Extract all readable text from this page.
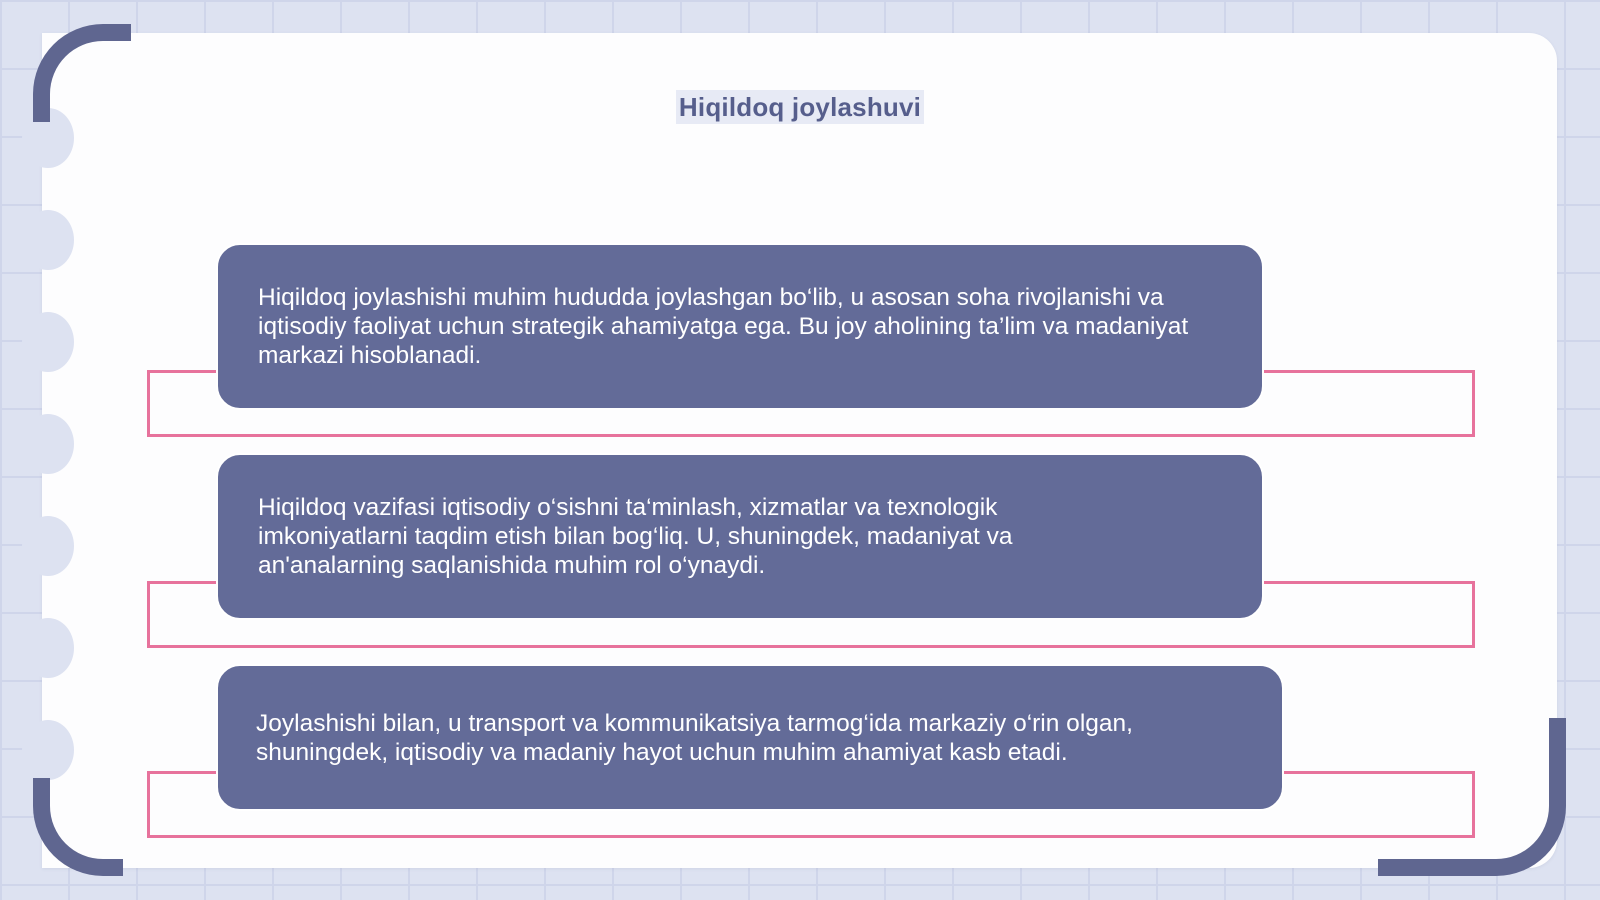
Hiqildoq joylashuvi

Hiqildoq joylashishi muhim hududda joylashgan bo‘lib, u asosan soha rivojlanishi va iqtisodiy faoliyat uchun strategik ahamiyatga ega. Bu joy aholining ta’lim va madaniyat markazi hisoblanadi.

Hiqildoq vazifasi iqtisodiy o‘sishni ta‘minlash, xizmatlar va texnologik imkoniyatlarni taqdim etish bilan bog‘liq. U, shuningdek, madaniyat va an'analarning saqlanishida muhim rol o‘ynaydi.

Joylashishi bilan, u transport va kommunikatsiya tarmog‘ida markaziy o‘rin olgan, shuningdek, iqtisodiy va madaniy hayot uchun muhim ahamiyat kasb etadi.
